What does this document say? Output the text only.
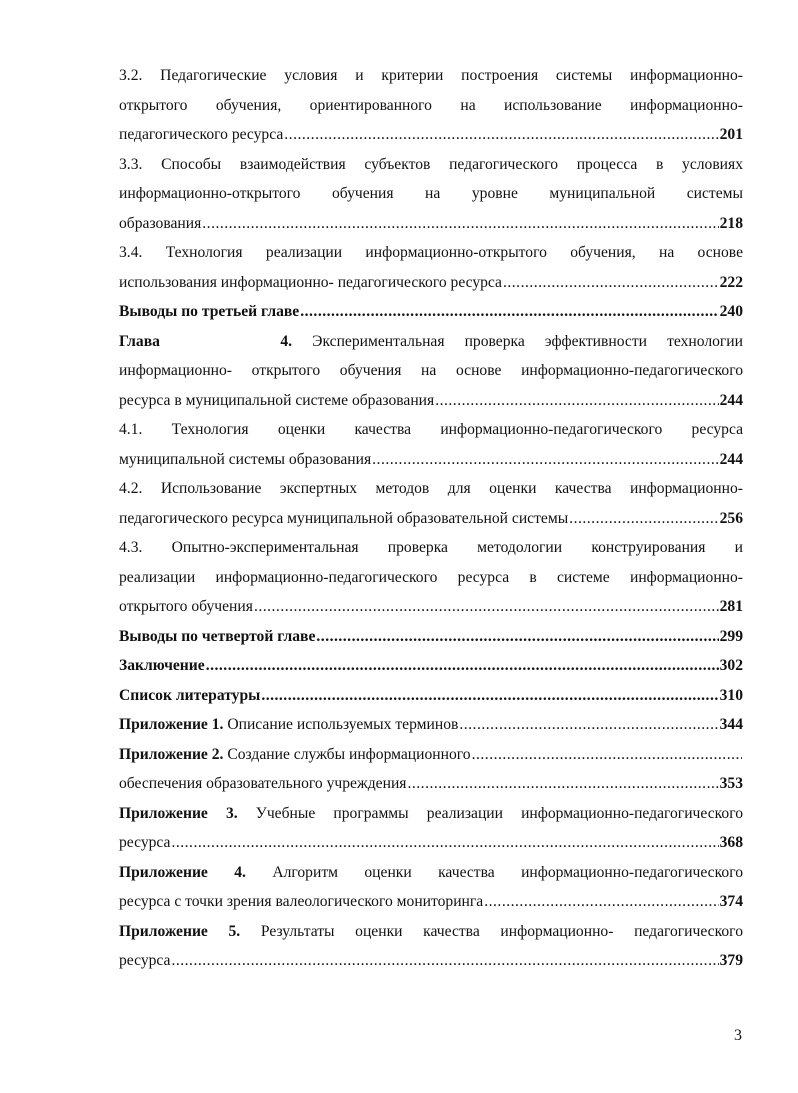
3.2. Педагогические условия и критерии построения системы информационно-
открытого обучения, ориентированного на использование информационно-
педагогического ресурса .....	201
3.3. Способы взаимодействия субъектов педагогического процесса в условиях
информационно-открытого обучения на уровне муниципальной системы
образования .....	218
3.4. Технология реализации информационно-открытого обучения, на основе
использования информационно- педагогического ресурса .....	222
Выводы по третьей главе .....	240
Глава      4. Экспериментальная проверка эффективности технологии
информационно- открытого обучения на основе информационно-педагогического
ресурса в муниципальной системе образования .....	244
4.1. Технология оценки качества информационно-педагогического ресурса
муниципальной системы образования .....	244
4.2. Использование экспертных методов для оценки качества информационно-
педагогического ресурса муниципальной образовательной системы .....	256
4.3. Опытно-экспериментальная проверка методологии конструирования и
реализации информационно-педагогического ресурса в системе информационно-
открытого обучения .....	281
Выводы по четвертой главе .....	299
Заключение .....	302
Список литературы .....	310
Приложение 1. Описание используемых терминов .....	344
Приложение 2. Создание службы информационного
.....
обеспечения образовательного учреждения .....	353
Приложение 3. Учебные программы реализации информационно-педагогического
ресурса .....	368
Приложение 4. Алгоритм оценки качества информационно-педагогического
ресурса с точки зрения валеологического мониторинга .....	374
Приложение 5. Результаты оценки качества информационно- педагогического
ресурса .....	379
3
